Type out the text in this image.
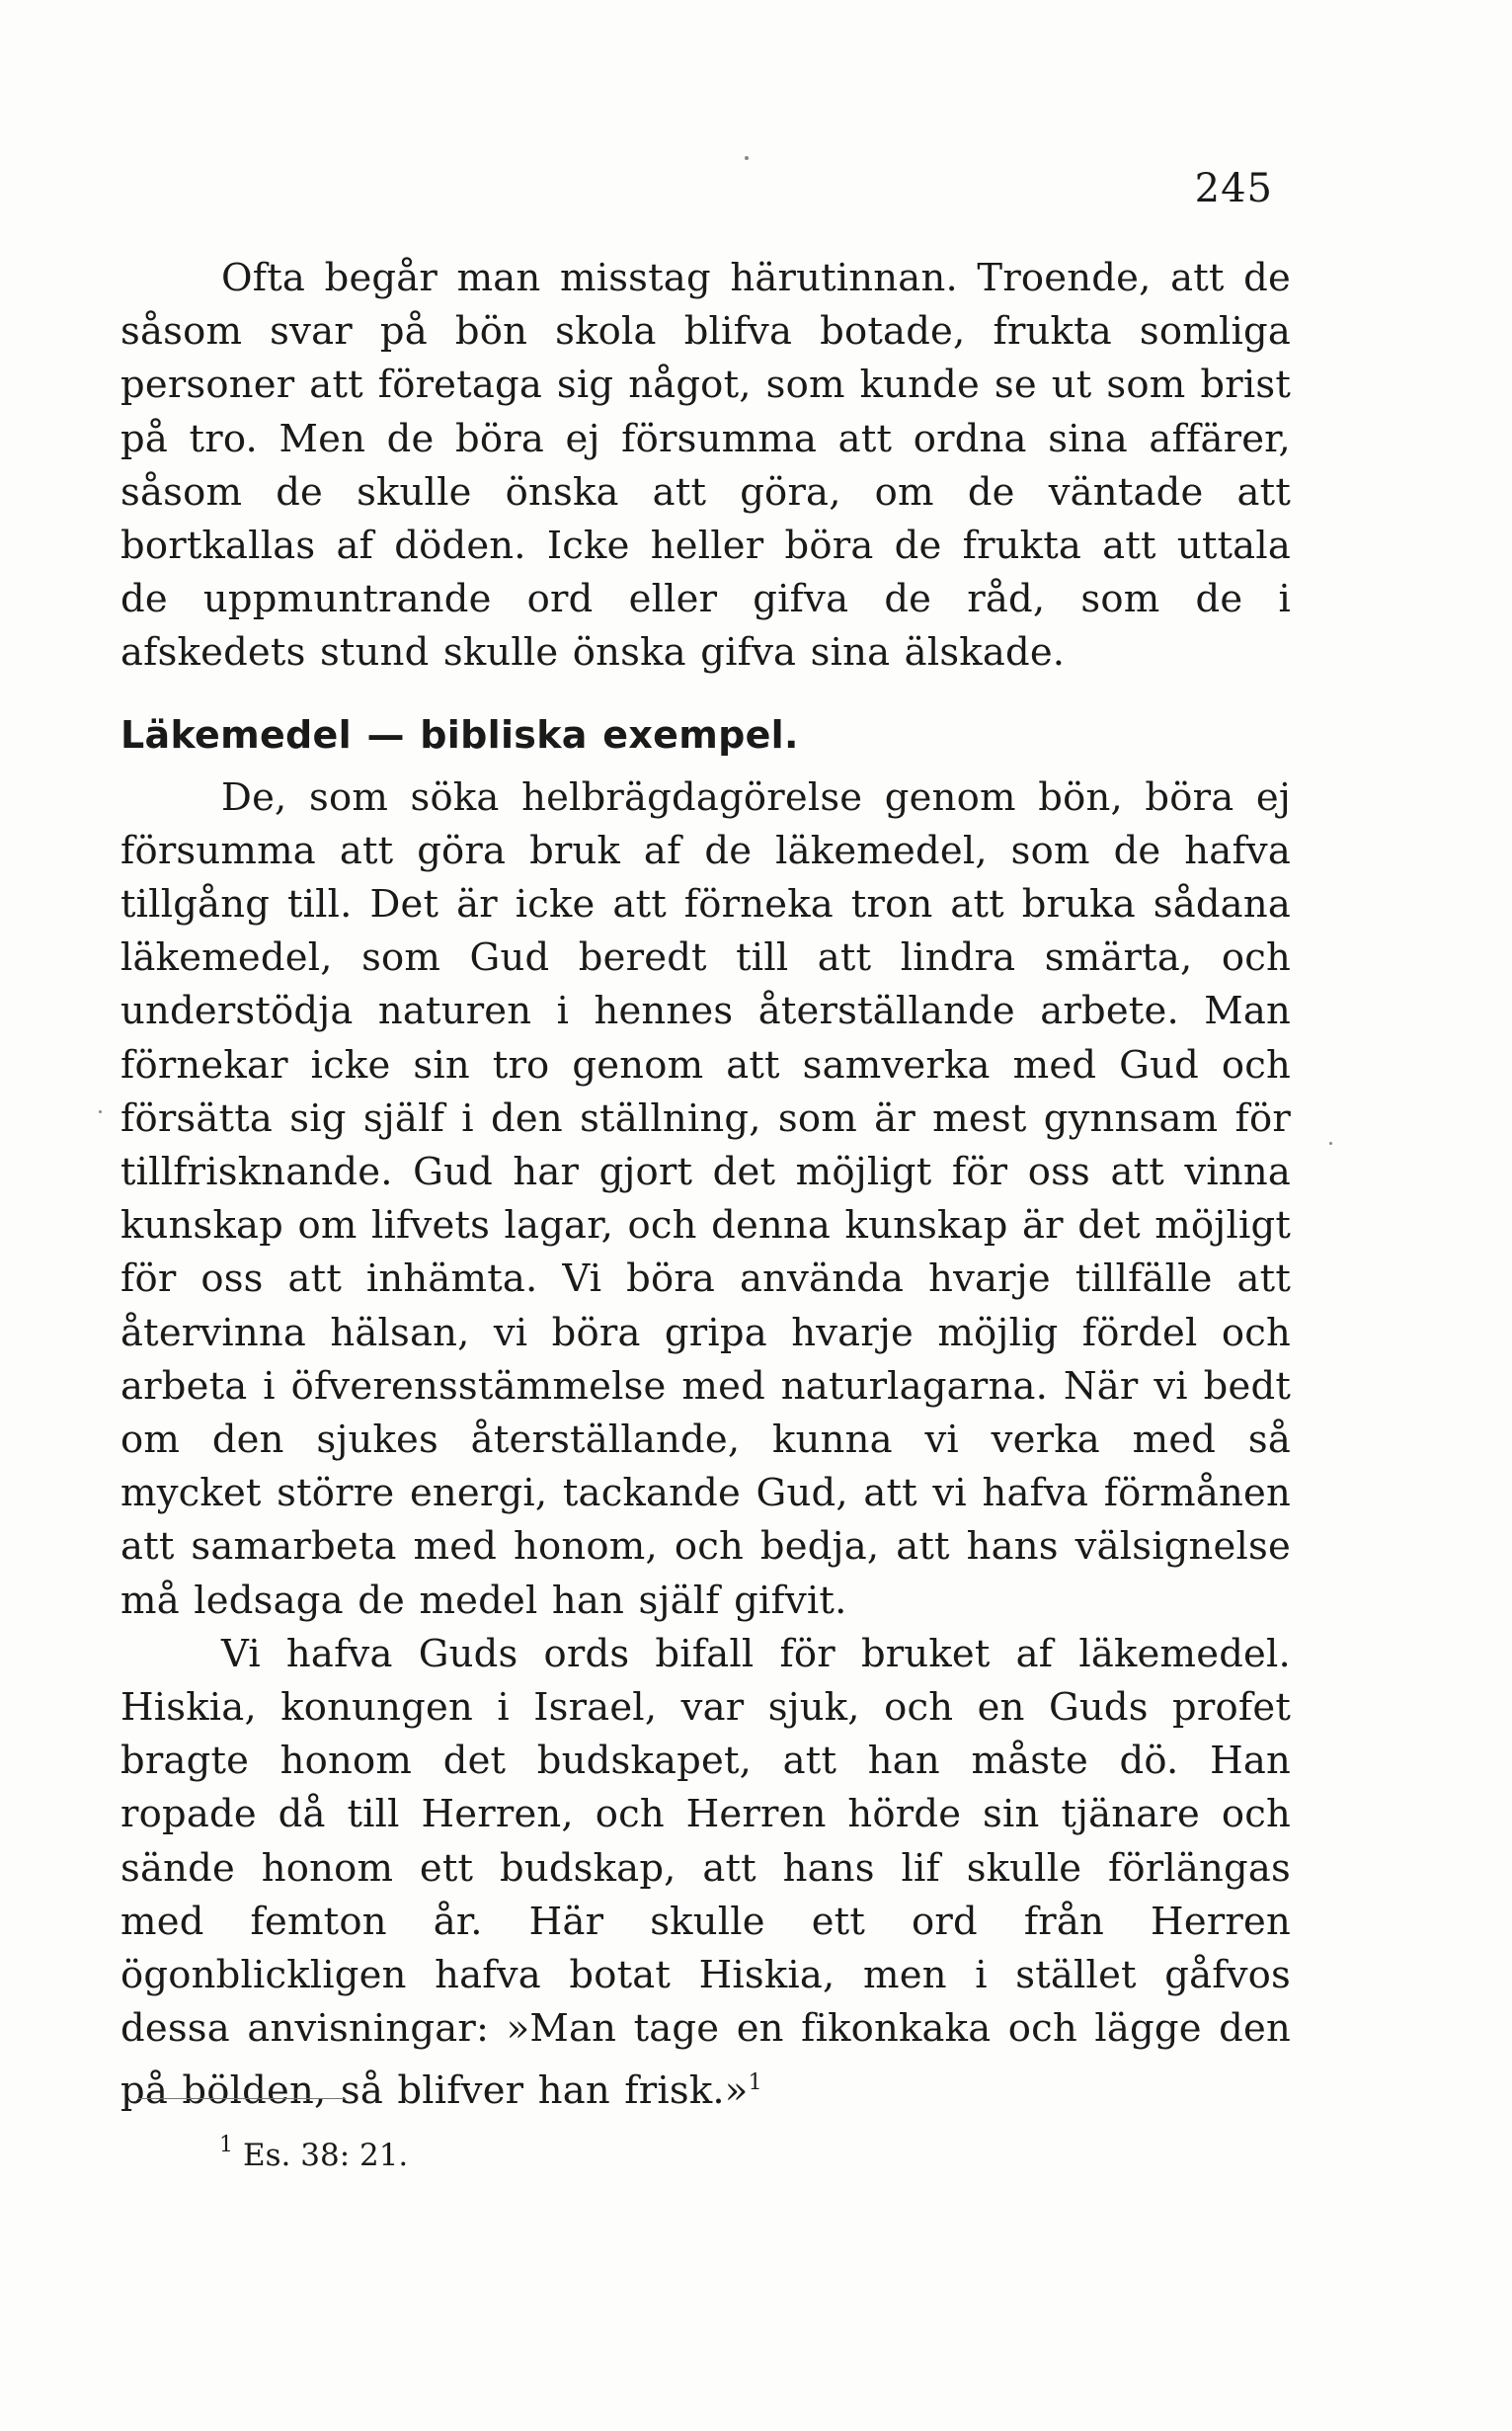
245

Ofta begår man misstag härutinnan. Troende, att de såsom svar på bön skola blifva botade, frukta somliga personer att företaga sig något, som kunde se ut som brist på tro. Men de böra ej försumma att ordna sina affärer, såsom de skulle önska att göra, om de väntade att bortkallas af döden. Icke heller böra de frukta att uttala de uppmuntrande ord eller gifva de råd, som de i afskedets stund skulle önska gifva sina älskade.

Läkemedel — bibliska exempel.

De, som söka helbrägdagörelse genom bön, böra ej försumma att göra bruk af de läkemedel, som de hafva tillgång till. Det är icke att förneka tron att bruka sådana läkemedel, som Gud beredt till att lindra smärta, och understödja naturen i hennes återställande arbete. Man förnekar icke sin tro genom att samverka med Gud och försätta sig själf i den ställning, som är mest gynnsam för tillfrisknande. Gud har gjort det möjligt för oss att vinna kunskap om lifvets lagar, och denna kunskap är det möjligt för oss att inhämta. Vi böra använda hvarje tillfälle att återvinna hälsan, vi böra gripa hvarje möjlig fördel och arbeta i öfverensstämmelse med naturlagarna. När vi bedt om den sjukes återställande, kunna vi verka med så mycket större energi, tackande Gud, att vi hafva förmånen att samarbeta med honom, och bedja, att hans välsignelse må ledsaga de medel han själf gifvit.

Vi hafva Guds ords bifall för bruket af läkemedel. Hiskia, konungen i Israel, var sjuk, och en Guds profet bragte honom det budskapet, att han måste dö. Han ropade då till Herren, och Herren hörde sin tjänare och sände honom ett budskap, att hans lif skulle förlängas med femton år. Här skulle ett ord från Herren ögonblickligen hafva botat Hiskia, men i stället gåfvos dessa anvisningar: »Man tage en fikonkaka och lägge den på bölden, så blifver han frisk.»$^1$

$^1$ Es. 38: 21.
